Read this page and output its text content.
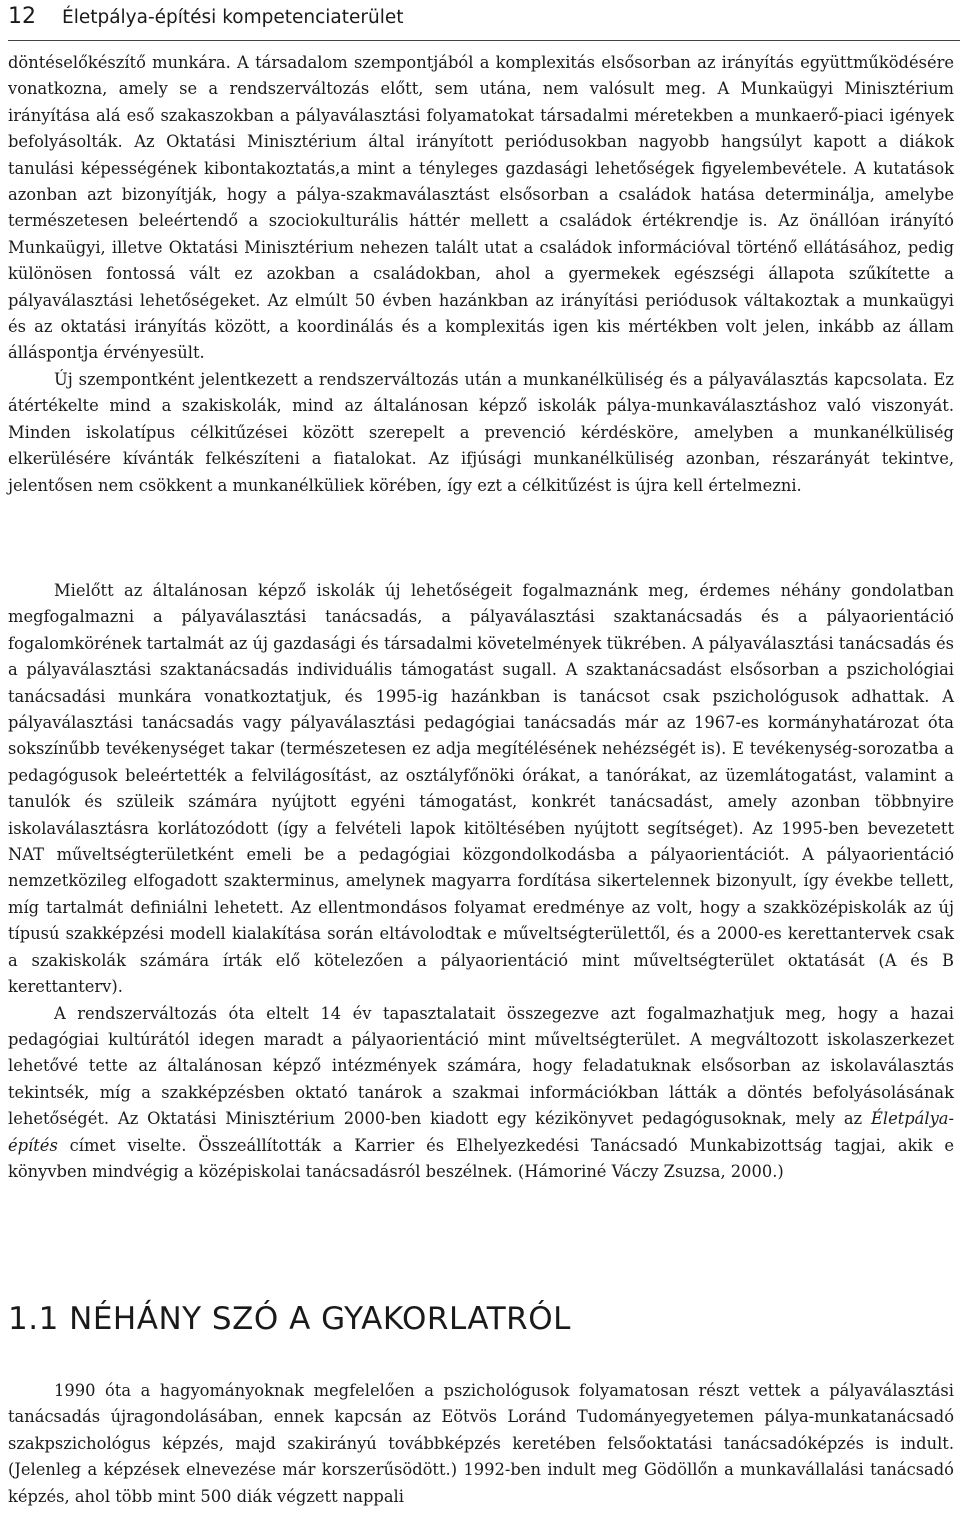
12 Életpálya-építési kompetenciaterület

döntéselőkészítő munkára. A társadalom szempontjából a komplexitás elsősorban az irányítás együttműködésére vonatkozna, amely se a rendszerváltozás előtt, sem utána, nem valósult meg. A Munkaügyi Minisztérium irányítása alá eső szakaszokban a pályaválasztási folyamatokat társadalmi méretekben a munkaerő-piaci igények befolyásolták. Az Oktatási Minisztérium által irányított periódusokban nagyobb hangsúlyt kapott a diákok tanulási képességének kibontakoztatás,a mint a tényleges gazdasági lehetőségek figyelembevétele. A kutatások azonban azt bizonyítják, hogy a pálya-szakmaválasztást elsősorban a családok hatása determinálja, amelybe természetesen beleértendő a szociokulturális háttér mellett a családok értékrendje is. Az önállóan irányító Munkaügyi, illetve Oktatási Minisztérium nehezen talált utat a családok információval történő ellátásához, pedig különösen fontossá vált ez azokban a családokban, ahol a gyermekek egészségi állapota szűkítette a pályaválasztási lehetőségeket. Az elmúlt 50 évben hazánkban az irányítási periódusok váltakoztak a munkaügyi és az oktatási irányítás között, a koordinálás és a komplexitás igen kis mértékben volt jelen, inkább az állam álláspontja érvényesült.

Új szempontként jelentkezett a rendszerváltozás után a munkanélküliség és a pályaválasztás kapcsolata. Ez átértékelte mind a szakiskolák, mind az általánosan képző iskolák pálya-munkaválasztáshoz való viszonyát. Minden iskolatípus célkitűzései között szerepelt a prevenció kérdésköre, amelyben a munkanélküliség elkerülésére kívánták felkészíteni a fiatalokat. Az ifjúsági munkanélküliség azonban, részarányát tekintve, jelentősen nem csökkent a munkanélküliek körében, így ezt a célkitűzést is újra kell értelmezni.

Mielőtt az általánosan képző iskolák új lehetőségeit fogalmaznánk meg, érdemes néhány gondolatban megfogalmazni a pályaválasztási tanácsadás, a pályaválasztási szaktanácsadás és a pályaorientáció fogalomkörének tartalmát az új gazdasági és társadalmi követelmények tükrében. A pályaválasztási tanácsadás és a pályaválasztási szaktanácsadás individuális támogatást sugall. A szaktanácsadást elsősorban a pszichológiai tanácsadási munkára vonatkoztatjuk, és 1995-ig hazánkban is tanácsot csak pszichológusok adhattak. A pályaválasztási tanácsadás vagy pályaválasztási pedagógiai tanácsadás már az 1967-es kormányhatározat óta sokszínűbb tevékenységet takar (természetesen ez adja megítélésének nehézségét is). E tevékenység-sorozatba a pedagógusok beleértették a felvilágosítást, az osztályfőnöki órákat, a tanórákat, az üzemlátogatást, valamint a tanulók és szüleik számára nyújtott egyéni támogatást, konkrét tanácsadást, amely azonban többnyire iskolaválasztásra korlátozódott (így a felvételi lapok kitöltésében nyújtott segítséget). Az 1995-ben bevezetett NAT műveltségterületként emeli be a pedagógiai közgondolkodásba a pályaorientációt. A pályaorientáció nemzetközileg elfogadott szakterminus, amelynek magyarra fordítása sikertelennek bizonyult, így évekbe tellett, míg tartalmát definiálni lehetett. Az ellentmondásos folyamat eredménye az volt, hogy a szakközépiskolák az új típusú szakképzési modell kialakítása során eltávolodtak e műveltségterülettől, és a 2000-es kerettantervek csak a szakiskolák számára írták elő kötelezően a pályaorientáció mint műveltségterület oktatását (A és B kerettanterv).

A rendszerváltozás óta eltelt 14 év tapasztalatait összegezve azt fogalmazhatjuk meg, hogy a hazai pedagógiai kultúrától idegen maradt a pályaorientáció mint műveltségterület. A megváltozott iskolaszerkezet lehetővé tette az általánosan képző intézmények számára, hogy feladatuknak elsősorban az iskolaválasztás tekintsék, míg a szakképzésben oktató tanárok a szakmai információkban látták a döntés befolyásolásának lehetőségét. Az Oktatási Minisztérium 2000-ben kiadott egy kézikönyvet pedagógusoknak, mely az Életpálya-építés címet viselte. Összeállították a Karrier és Elhelyezkedési Tanácsadó Munkabizottság tagjai, akik e könyvben mindvégig a középiskolai tanácsadásról beszélnek. (Hámoriné Váczy Zsuzsa, 2000.)

1.1 NÉHÁNY SZÓ A GYAKORLATRÓL

1990 óta a hagyományoknak megfelelően a pszichológusok folyamatosan részt vettek a pályaválasztási tanácsadás újragondolásában, ennek kapcsán az Eötvös Loránd Tudományegyetemen pálya-munkatanácsadó szakpszichológus képzés, majd szakirányú továbbképzés keretében felsőoktatási tanácsadóképzés is indult. (Jelenleg a képzések elnevezése már korszerűsödött.) 1992-ben indult meg Gödöllőn a munkavállalási tanácsadó képzés, ahol több mint 500 diák végzett nappali
